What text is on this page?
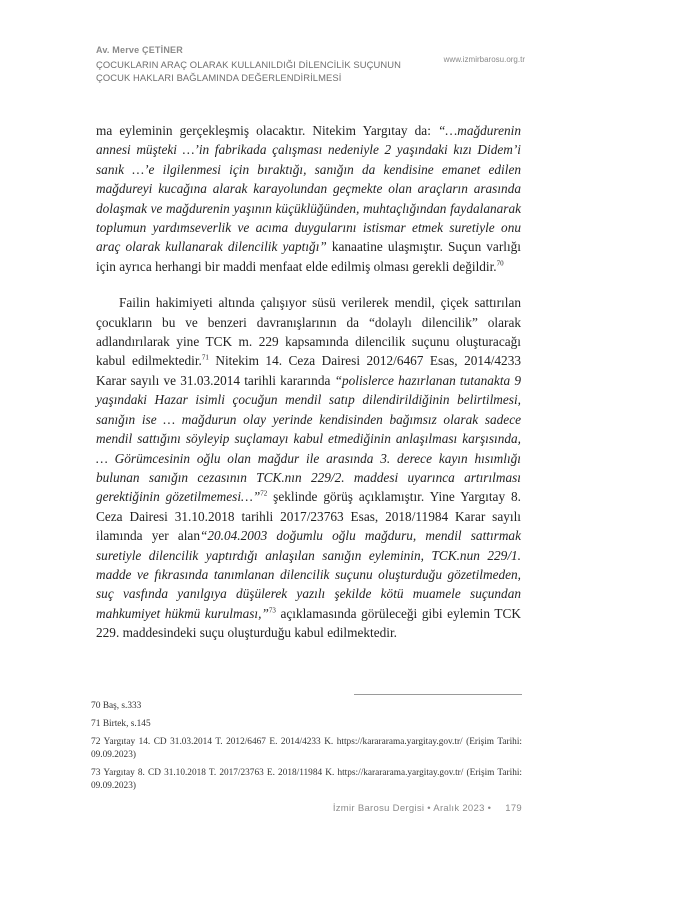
Av. Merve ÇETİNER
ÇOCUKLARIN ARAÇ OLARAK KULLANILDIĞI DİLENCİLİK SUÇUNUN
ÇOCUK HAKLARI BAĞLAMINDA DEĞERLENDİRİLMESİ
www.izmirbarosu.org.tr

ma eyleminin gerçekleşmiş olacaktır. Nitekim Yargıtay da: “…mağdurenin annesi müşteki …’in fabrikada çalışması nedeniyle 2 yaşındaki kızı Didem’i sanık …’e ilgilenmesi için bıraktığı, sanığın da kendisine emanet edilen mağdureyi kucağına alarak karayolundan geçmekte olan araçların arasında dolaşmak ve mağdurenin yaşının küçüklüğünden, muhtaçlığından faydalanarak toplumun yardımseverlik ve acıma duygularını istismar etmek suretiyle onu araç olarak kullanarak dilencilik yaptığı” kanaatine ulaşmıştır. Suçun varlığı için ayrıca herhangi bir maddi menfaat elde edilmiş olması gerekli değildir.$^{70}$

Failin hakimiyeti altında çalışıyor süsü verilerek mendil, çiçek sattırılan çocukların bu ve benzeri davranışlarının da “dolaylı dilencilik” olarak adlandırılarak yine TCK m. 229 kapsamında dilencilik suçunu oluşturacağı kabul edilmektedir.$^{71}$ Nitekim 14. Ceza Dairesi 2012/6467 Esas, 2014/4233 Karar sayılı ve 31.03.2014 tarihli kararında “polislerce hazırlanan tutanakta 9 yaşındaki Hazar isimli çocuğun mendil satıp dilendirildiğinin belirtilmesi, sanığın ise … mağdurun olay yerinde kendisinden bağımsız olarak sadece mendil sattığını söyleyip suçlamayı kabul etmediğinin anlaşılması karşısında, … Görümcesinin oğlu olan mağdur ile arasında 3. derece kayın hısımlığı bulunan sanığın cezasının TCK.nın 229/2. maddesi uyarınca artırılması gerektiğinin gözetilmemesi…”$^{72}$ şeklinde görüş açıklamıştır. Yine Yargıtay 8. Ceza Dairesi 31.10.2018 tarihli 2017/23763 Esas, 2018/11984 Karar sayılı ilamında yer alan“20.04.2003 doğumlu oğlu mağduru, mendil sattırmak suretiyle dilencilik yaptırdığı anlaşılan sanığın eyleminin, TCK.nun 229/1. madde ve fıkrasında tanımlanan dilencilik suçunu oluşturduğu gözetilmeden, suç vasfında yanılgıya düşülerek yazılı şekilde kötü muamele suçundan mahkumiyet hükmü kurulması,”$^{73}$ açıklamasında görüleceği gibi eylemin TCK 229. maddesindeki suçu oluşturduğu kabul edilmektedir.

70 Baş, s.333
71 Birtek, s.145
72 Yargıtay 14. CD 31.03.2014 T. 2012/6467 E. 2014/4233 K. https://karararama.yargitay.gov.tr/ (Erişim Tarihi: 09.09.2023)
73 Yargıtay 8. CD 31.10.2018 T. 2017/23763 E. 2018/11984 K. https://karararama.yargitay.gov.tr/ (Erişim Tarihi: 09.09.2023)
İzmir Barosu Dergisi • Aralık 2023 • 179
